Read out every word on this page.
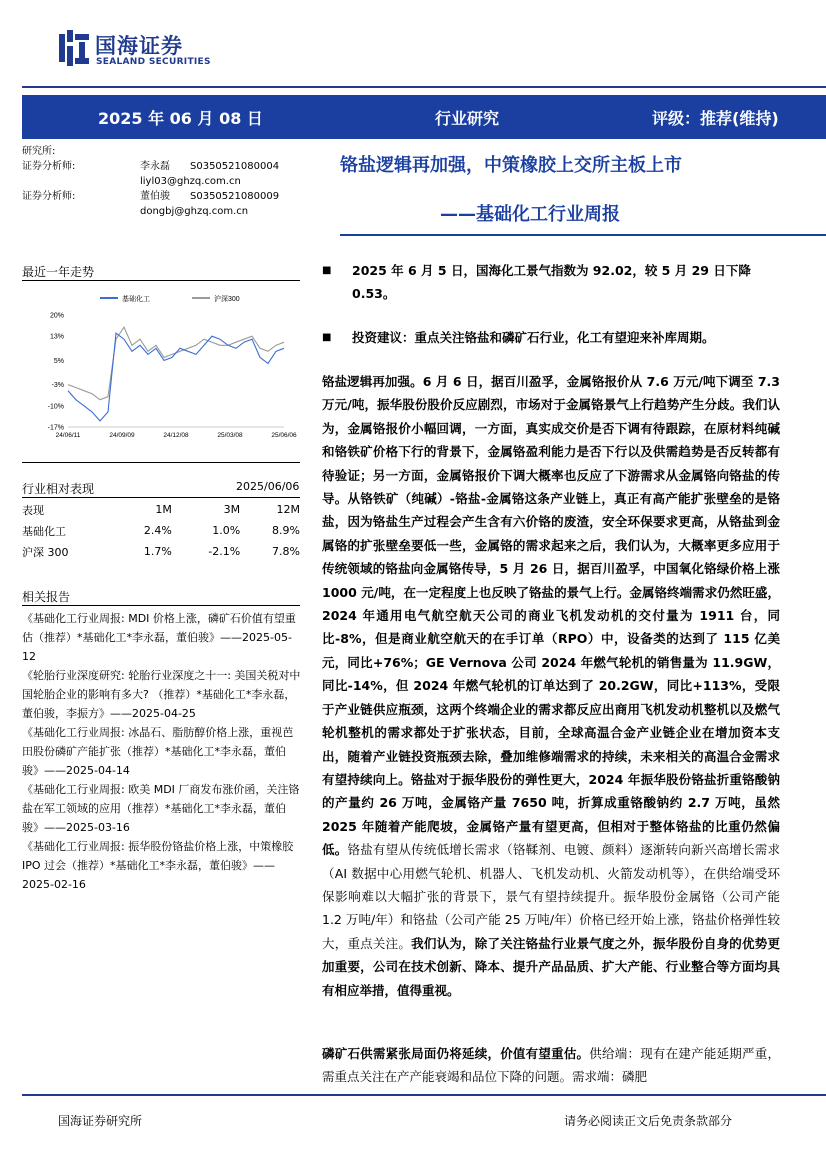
国海证券
SEALAND SECURITIES
2025 年 06 月 08 日	行业研究	评级：推荐(维持)
研究所:
证券分析师:	李永磊 S0350521080004
liyl03@ghzq.com.cn
证券分析师:	董伯骏 S0350521080009
dongbj@ghzq.com.cn
铬盐逻辑再加强，中策橡胶上交所主板上市
——基础化工行业周报
最近一年走势
基础化工	沪深300
20%
13%
5%
-3%
-10%
-17%
24/06/11	24/09/09	24/12/08	25/03/08	25/06/06
行业相对表现	2025/06/06
表现	1M	3M	12M
基础化工	2.4%	1.0%	8.9%
沪深 300	1.7%	-2.1%	7.8%
相关报告
《基础化工行业周报: MDI 价格上涨，磷矿石价值有望重估（推荐）*基础化工*李永磊，董伯骏》——2025-05-12
《轮胎行业深度研究: 轮胎行业深度之十一: 美国关税对中国轮胎企业的影响有多大? （推荐）*基础化工*李永磊，董伯骏，李振方》——2025-04-25
《基础化工行业周报: 冰晶石、脂肪醇价格上涨，重视芭田股份磷矿产能扩张（推荐）*基础化工*李永磊，董伯骏》——2025-04-14
《基础化工行业周报: 欧美 MDI 厂商发布涨价函，关注铬盐在军工领域的应用（推荐）*基础化工*李永磊，董伯骏》——2025-03-16
《基础化工行业周报: 振华股份铬盐价格上涨，中策橡胶 IPO 过会（推荐）*基础化工*李永磊，董伯骏》——2025-02-16
■ 2025 年 6 月 5 日，国海化工景气指数为 92.02，较 5 月 29 日下降 0.53。
■ 投资建议：重点关注铬盐和磷矿石行业，化工有望迎来补库周期。
铬盐逻辑再加强。6 月 6 日，据百川盈孚，金属铬报价从 7.6 万元/吨下调至 7.3 万元/吨，振华股份股价反应剧烈，市场对于金属铬景气上行趋势产生分歧。我们认为，金属铬报价小幅回调，一方面，真实成交价是否下调有待跟踪，在原材料纯碱和铬铁矿价格下行的背景下，金属铬盈利能力是否下行以及供需趋势是否反转都有待验证；另一方面，金属铬报价下调大概率也反应了下游需求从金属铬向铬盐的传导。从铬铁矿（纯碱）-铬盐-金属铬这条产业链上，真正有高产能扩张壁垒的是铬盐，因为铬盐生产过程会产生含有六价铬的废渣，安全环保要求更高，从铬盐到金属铬的扩张壁垒要低一些，金属铬的需求起来之后，我们认为，大概率更多应用于传统领域的铬盐向金属铬传导，5 月 26 日，据百川盈孚，中国氧化铬绿价格上涨 1000 元/吨，在一定程度上也反映了铬盐的景气上行。金属铬终端需求仍然旺盛，2024 年通用电气航空航天公司的商业飞机发动机的交付量为 1911 台，同比-8%，但是商业航空航天的在手订单（RPO）中，设备类的达到了 115 亿美元，同比+76%；GE Vernova 公司 2024 年燃气轮机的销售量为 11.9GW，同比-14%，但 2024 年燃气轮机的订单达到了 20.2GW，同比+113%，受限于产业链供应瓶颈，这两个终端企业的需求都反应出商用飞机发动机整机以及燃气轮机整机的需求都处于扩张状态，目前，全球高温合金产业链企业在增加资本支出，随着产业链投资瓶颈去除，叠加维修端需求的持续，未来相关的高温合金需求有望持续向上。铬盐对于振华股份的弹性更大，2024 年振华股份铬盐折重铬酸钠的产量约 26 万吨，金属铬产量 7650 吨，折算成重铬酸钠约 2.7 万吨，虽然 2025 年随着产能爬坡，金属铬产量有望更高，但相对于整体铬盐的比重仍然偏低。铬盐有望从传统低增长需求（铬鞣剂、电镀、颜料）逐渐转向新兴高增长需求（AI 数据中心用燃气轮机、机器人、飞机发动机、火箭发动机等），在供给端受环保影响难以大幅扩张的背景下，景气有望持续提升。振华股份金属铬（公司产能 1.2 万吨/年）和铬盐（公司产能 25 万吨/年）价格已经开始上涨，铬盐价格弹性较大，重点关注。我们认为，除了关注铬盐行业景气度之外，振华股份自身的优势更加重要，公司在技术创新、降本、提升产品品质、扩大产能、行业整合等方面均具有相应举措，值得重视。
磷矿石供需紧张局面仍将延续，价值有望重估。供给端：现有在建产能延期严重，需重点关注在产产能衰竭和品位下降的问题。需求端：磷肥
国海证券研究所	请务必阅读正文后免责条款部分
